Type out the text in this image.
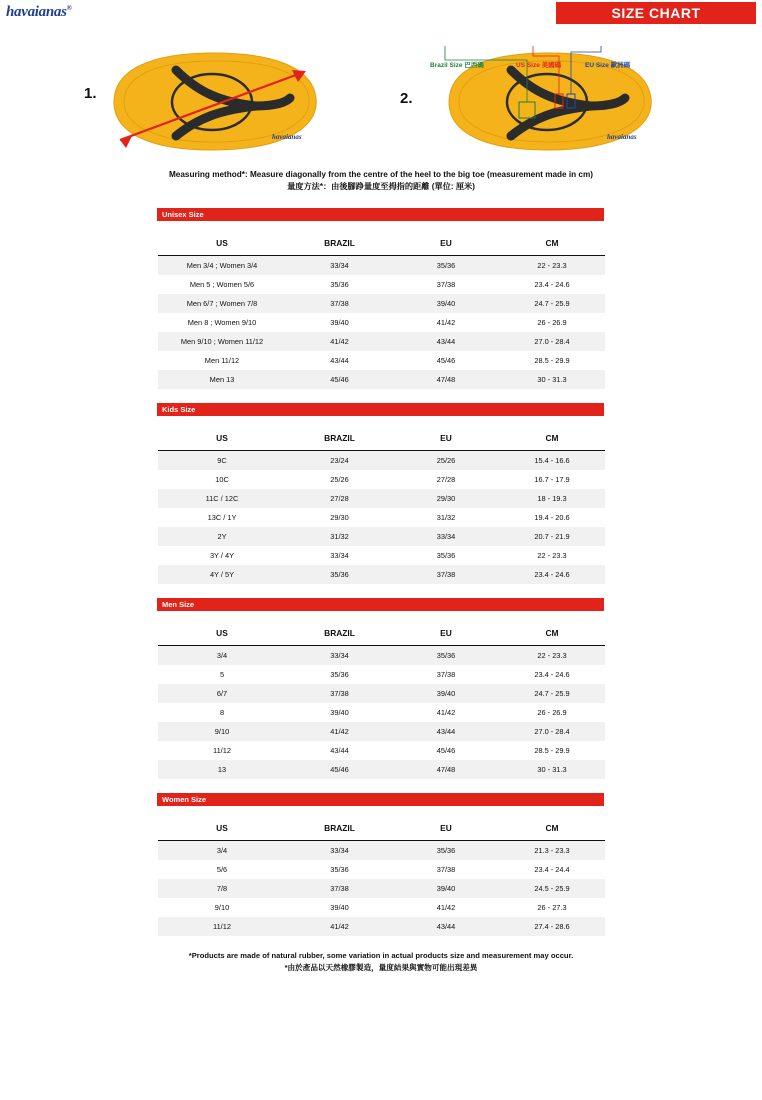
havaianas®	SIZE CHART
1.	2.
havaianas	havaianas
Brazil Size 巴西碼	US Size 美國碼	EU Size 歐洲碼
Measuring method*: Measure diagonally from the centre of the heel to the big toe (measurement made in cm)
量度方法*：由後腳踭量度至拇指的距離 (單位: 厘米)
Unisex Size
US	BRAZIL	EU	CM
Men 3/4 ; Women 3/4	33/34	35/36	22 - 23.3
Men 5 ; Women 5/6	35/36	37/38	23.4 - 24.6
Men 6/7 ; Women 7/8	37/38	39/40	24.7 - 25.9
Men 8 ; Women 9/10	39/40	41/42	26 - 26.9
Men 9/10 ; Women 11/12	41/42	43/44	27.0 - 28.4
Men 11/12	43/44	45/46	28.5 - 29.9
Men 13	45/46	47/48	30 - 31.3
Kids Size
US	BRAZIL	EU	CM
9C	23/24	25/26	15.4 - 16.6
10C	25/26	27/28	16.7 - 17.9
11C / 12C	27/28	29/30	18 - 19.3
13C / 1Y	29/30	31/32	19.4 - 20.6
2Y	31/32	33/34	20.7 - 21.9
3Y / 4Y	33/34	35/36	22 - 23.3
4Y / 5Y	35/36	37/38	23.4 - 24.6
Men Size
US	BRAZIL	EU	CM
3/4	33/34	35/36	22 - 23.3
5	35/36	37/38	23.4 - 24.6
6/7	37/38	39/40	24.7 - 25.9
8	39/40	41/42	26 - 26.9
9/10	41/42	43/44	27.0 - 28.4
11/12	43/44	45/46	28.5 - 29.9
13	45/46	47/48	30 - 31.3
Women Size
US	BRAZIL	EU	CM
3/4	33/34	35/36	21.3 - 23.3
5/6	35/36	37/38	23.4 - 24.4
7/8	37/38	39/40	24.5 - 25.9
9/10	39/40	41/42	26 - 27.3
11/12	41/42	43/44	27.4 - 28.6
*Products are made of natural rubber, some variation in actual products size and measurement may occur.
*由於產品以天然橡膠製造，量度結果與實物可能出現差異
